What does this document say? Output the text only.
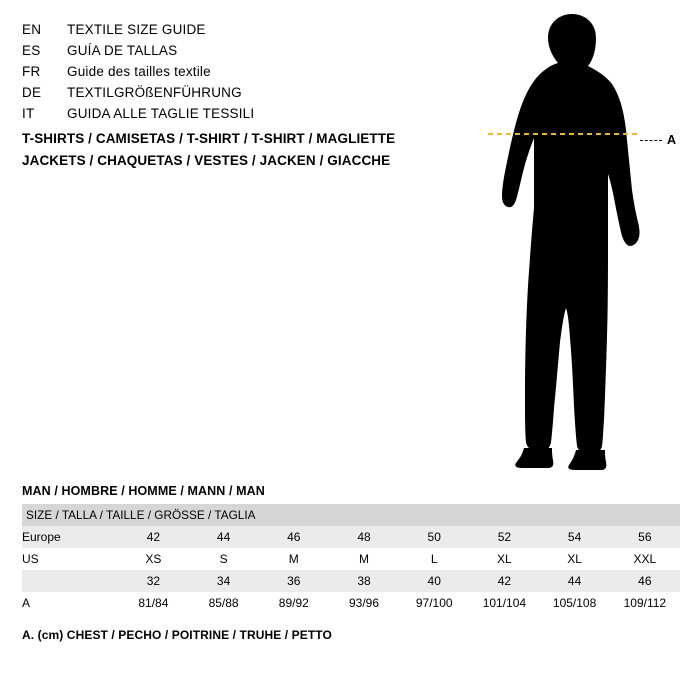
EN	TEXTILE SIZE GUIDE
ES	GUÍA DE TALLAS
FR	Guide des tailles textile
DE	TEXTILGRÖßENFÜHRUNG
IT	GUIDA ALLE TAGLIE TESSILI
T-SHIRTS / CAMISETAS / T-SHIRT / T-SHIRT / MAGLIETTE
JACKETS / CHAQUETAS / VESTES / JACKEN / GIACCHE
A
MAN / HOMBRE / HOMME / MANN / MAN
SIZE / TALLA / TAILLE / GRÖSSE / TAGLIA								
Europe	42	44	46	48	50	52	54	56
US	XS	S	M	M	L	XL	XL	XXL
	32	34	36	38	40	42	44	46
A	81/84	85/88	89/92	93/96	97/100	101/104	105/108	109/112
A. (cm) CHEST / PECHO / POITRINE / TRUHE / PETTO
